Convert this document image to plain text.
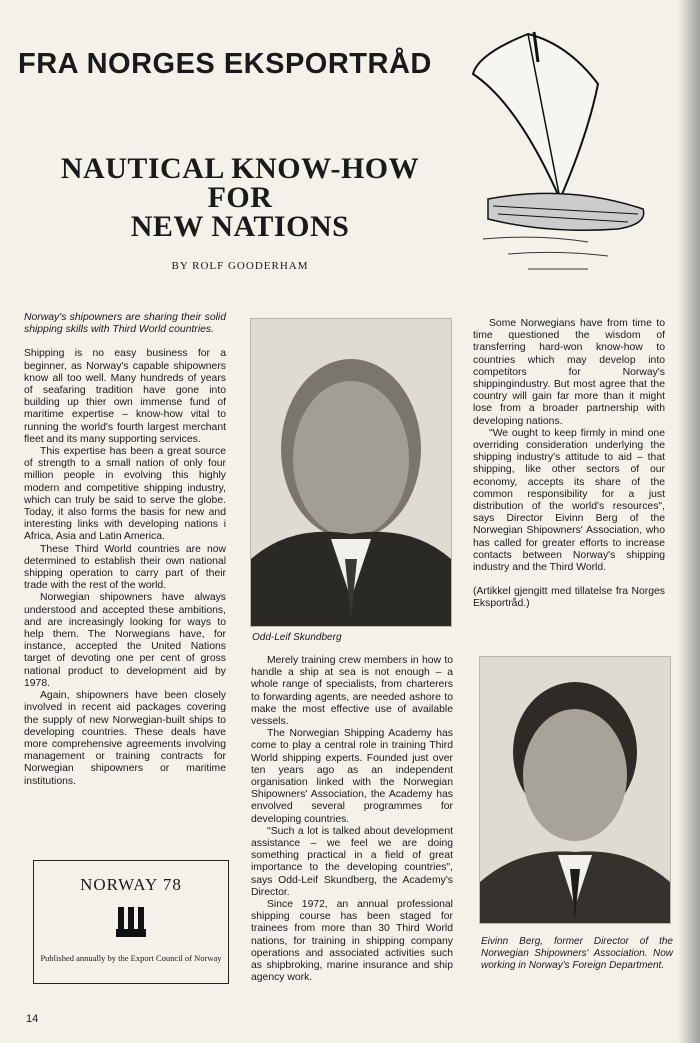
FRA NORGES EKSPORTRÅD
NAUTICAL KNOW-HOW
FOR
NEW NATIONS
BY ROLF GOODERHAM

Norway's shipowners are sharing their solid shipping skills with Third World countries.

Shipping is no easy business for a beginner, as Norway's capable shipowners know all too well. Many hundreds of years of seafaring tradition have gone into building up thier own immense fund of maritime expertise – know-how vital to running the world's fourth largest merchant fleet and its many supporting services.

This expertise has been a great source of strength to a small nation of only four million people in evolving this highly modern and competitive shipping industry, which can truly be said to serve the globe. Today, it also forms the basis for new and interesting links with developing nations i Africa, Asia and Latin America.

These Third World countries are now determined to establish their own national shipping operation to carry part of their trade with the rest of the world.

Norwegian shipowners have always understood and accepted these ambitions, and are increasingly looking for ways to help them. The Norwegians have, for instance, accepted the United Nations target of devoting one per cent of gross national product to development aid by 1978.

Again, shipowners have been closely involved in recent aid packages covering the supply of new Norwegian-built ships to developing countries. These deals have more comprehensive agreements involving management or training contracts for Norwegian shipowners or maritime institutions.

Odd-Leif Skundberg

Merely training crew members in how to handle a ship at sea is not enough – a whole range of specialists, from charterers to forwarding agents, are needed ashore to make the most effective use of available vessels.

The Norwegian Shipping Academy has come to play a central role in training Third World shipping experts. Founded just over ten years ago as an independent organisation linked with the Norwegian Shipowners' Association, the Academy has envolved several programmes for developing countries.

"Such a lot is talked about development assistance – we feel we are doing something practical in a field of great importance to the developing countries", says Odd-Leif Skundberg, the Academy's Director.

Since 1972, an annual professional shipping course has been staged for trainees from more than 30 Third World nations, for training in shipping company operations and associated activities such as shipbroking, marine insurance and ship agency work.

Some Norwegians have from time to time questioned the wisdom of transferring hard-won know-how to countries which may develop into competitors for Norway's shippingindustry. But most agree that the country will gain far more than it might lose from a broader partnership with developing nations.

"We ought to keep firmly in mind one overriding consideration underlying the shipping industry's attitude to aid – that shipping, like other sectors of our economy, accepts its share of the common responsibility for a just distribution of the world's resources", says Director Eivinn Berg of the Norwegian Shipowners' Association, who has called for greater efforts to increase contacts between Norway's shipping industry and the Third World.

(Artikkel gjengitt med tillatelse fra Norges Eksportråd.)

Eivinn Berg, former Director of the Norwegian Shipowners' Association. Now working in Norway's Foreign Department.
NORWAY 78
Published annually by the Export Council of Norway
14
